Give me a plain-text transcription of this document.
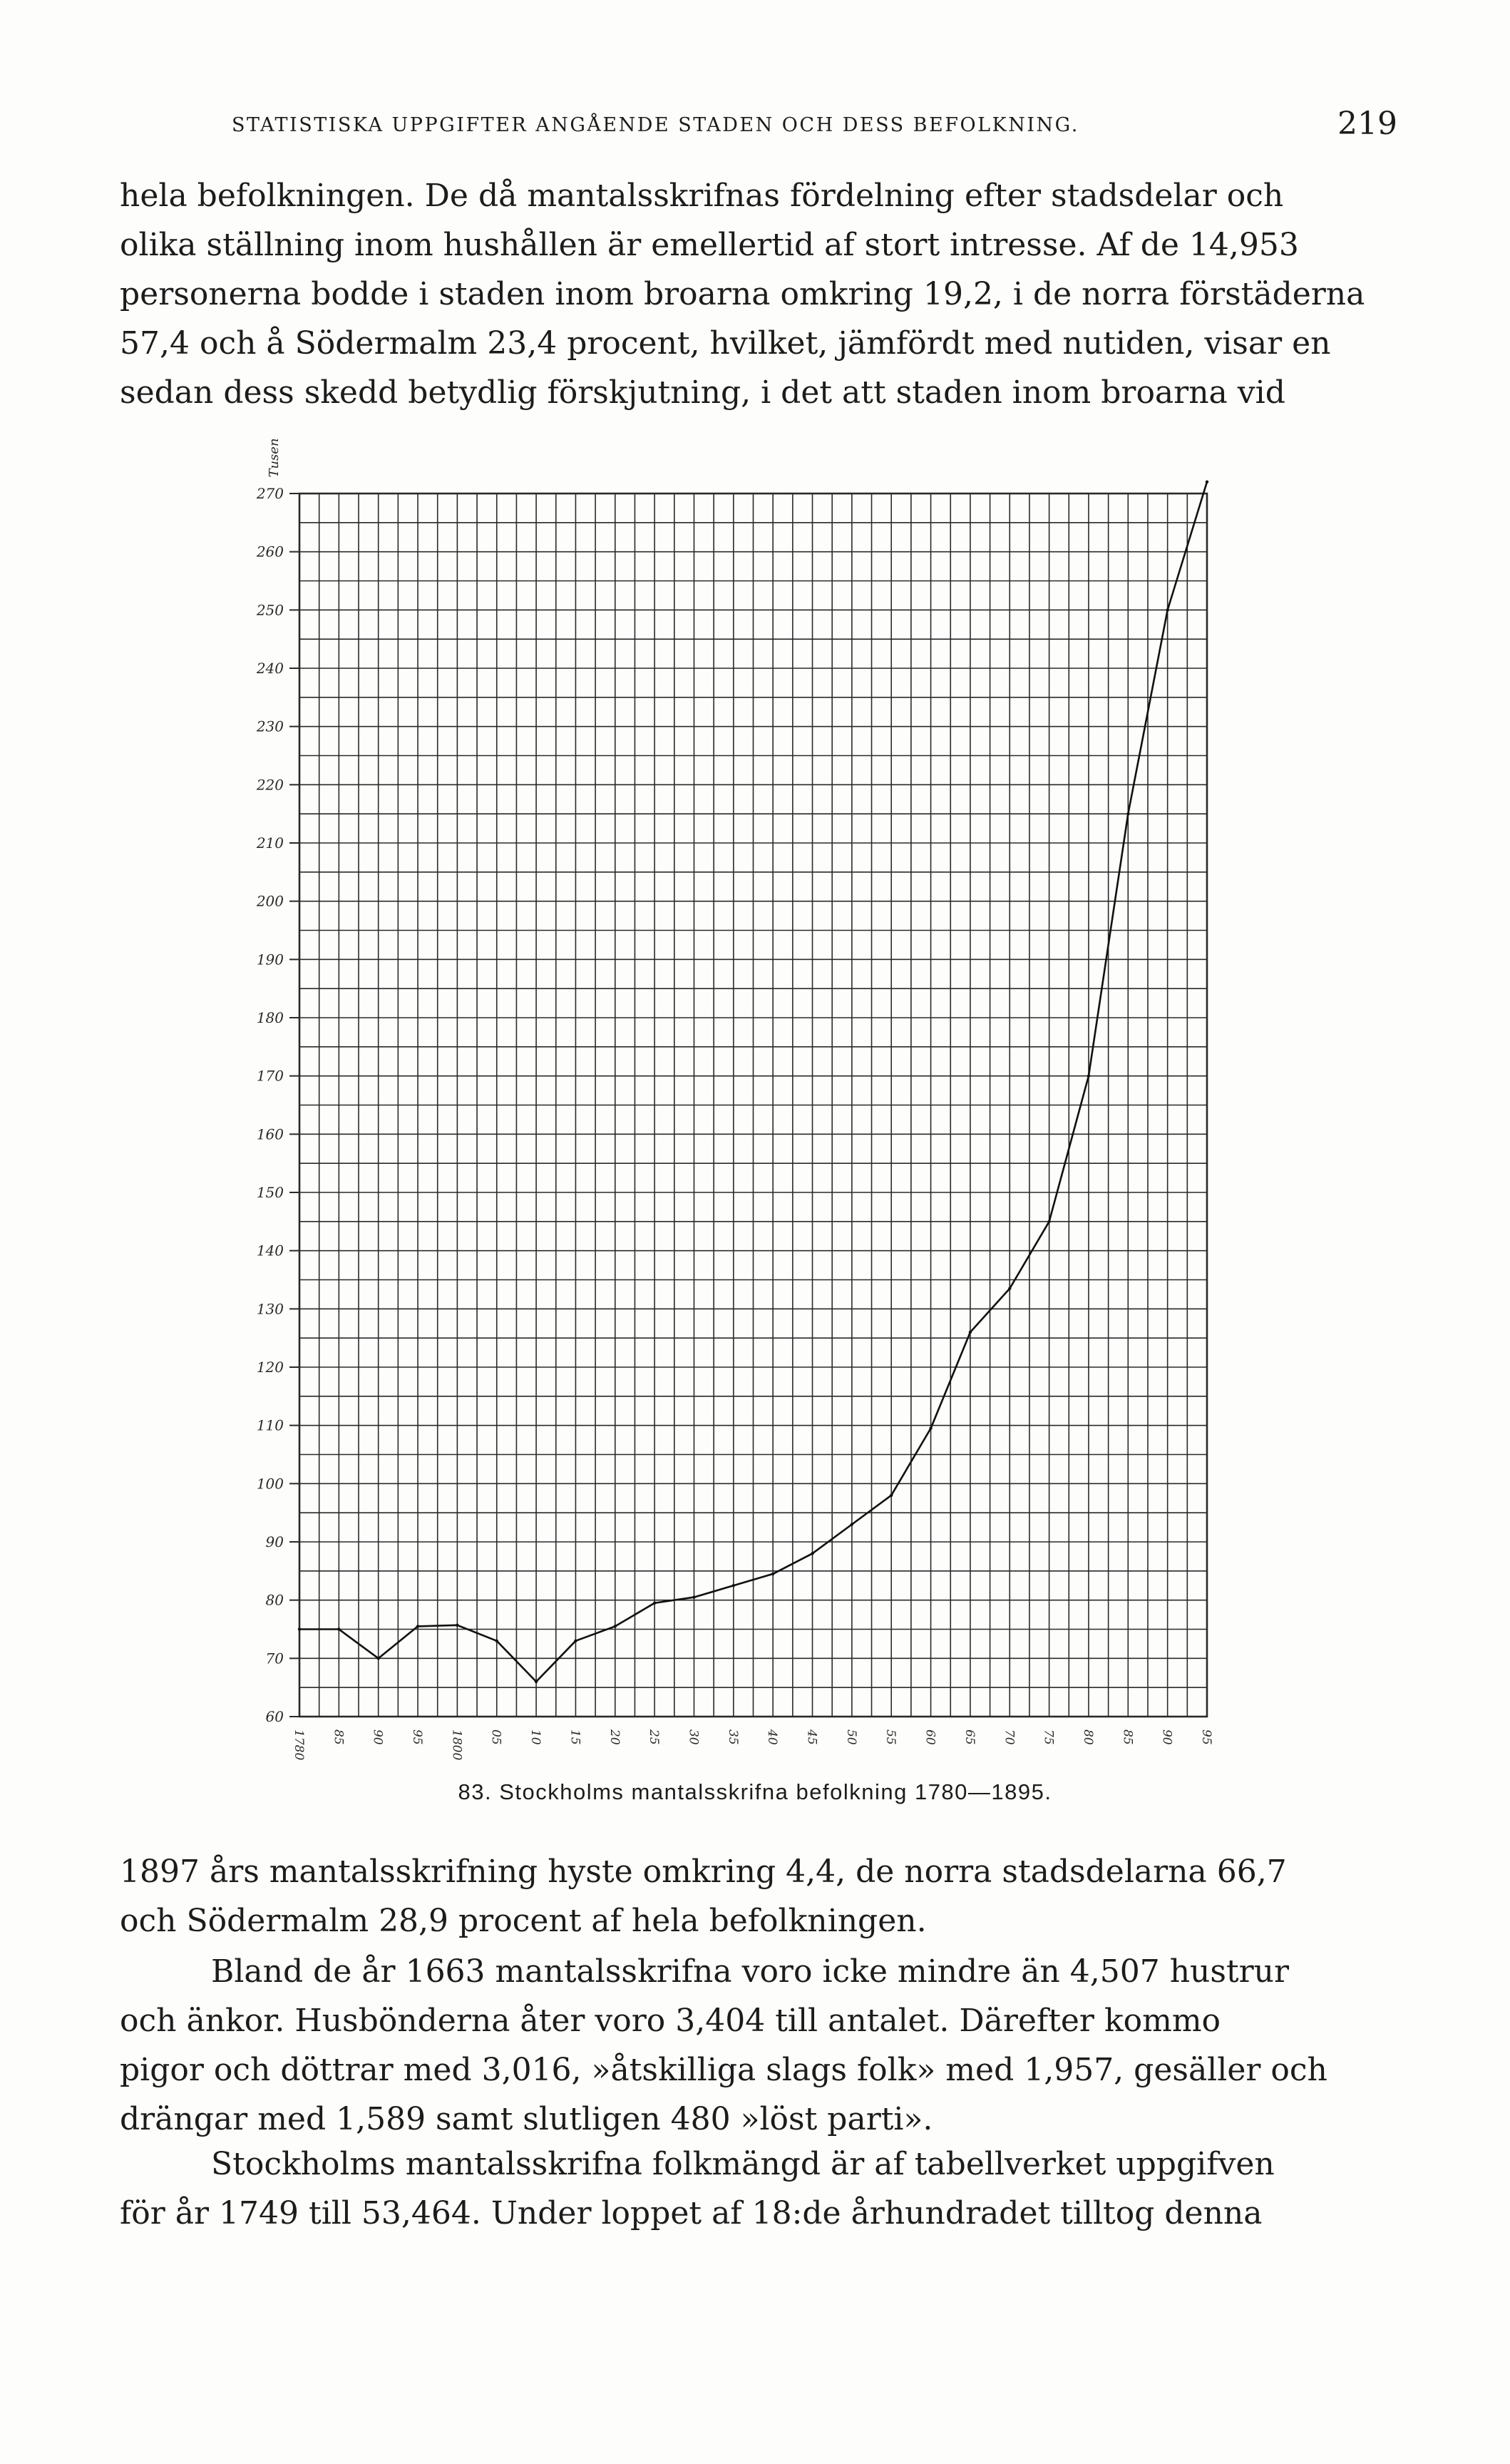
STATISTISKA UPPGIFTER ANGÅENDE STADEN OCH DESS BEFOLKNING.	219
hela befolkningen. De då mantalsskrifnas fördelning efter stadsdelar och
olika ställning inom hushållen är emellertid af stort intresse. Af de 14,953
personerna bodde i staden inom broarna omkring 19,2, i de norra förstäderna
57,4 och å Södermalm 23,4 procent, hvilket, jämfördt med nutiden, visar en
sedan dess skedd betydlig förskjutning, i det att staden inom broarna vid
60
70
80
90
100
110
120
130
140
150
160
170
180
190
200
210
220
230
240
250
260
270
1780 85 90 95 1800 05 10 15 20 25 30 35 40 45 50 55 60 65 70 75 80 85 90 95
Tusen
83. Stockholms mantalsskrifna befolkning 1780—1895.
1897 års mantalsskrifning hyste omkring 4,4, de norra stadsdelarna 66,7
och Södermalm 28,9 procent af hela befolkningen.
Bland de år 1663 mantalsskrifna voro icke mindre än 4,507 hustrur
och änkor. Husbönderna åter voro 3,404 till antalet. Därefter kommo
pigor och döttrar med 3,016, »åtskilliga slags folk» med 1,957, gesäller och
drängar med 1,589 samt slutligen 480 »löst parti».
Stockholms mantalsskrifna folkmängd är af tabellverket uppgifven
för år 1749 till 53,464. Under loppet af 18:de århundradet tilltog denna
